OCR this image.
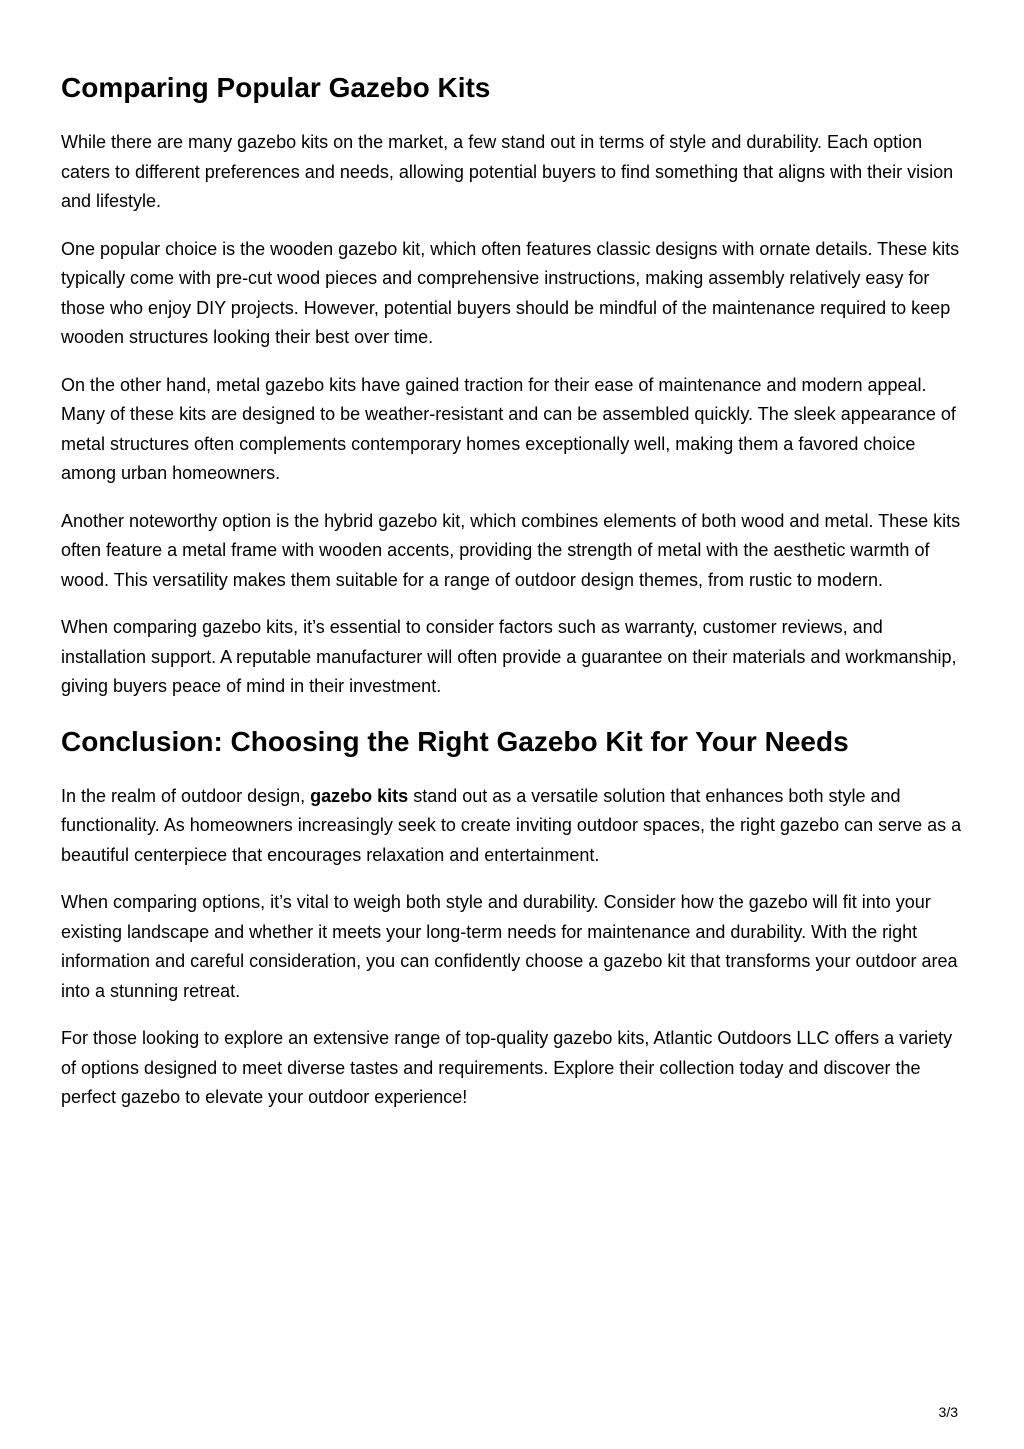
Comparing Popular Gazebo Kits

While there are many gazebo kits on the market, a few stand out in terms of style and durability. Each option caters to different preferences and needs, allowing potential buyers to find something that aligns with their vision and lifestyle.

One popular choice is the wooden gazebo kit, which often features classic designs with ornate details. These kits typically come with pre-cut wood pieces and comprehensive instructions, making assembly relatively easy for those who enjoy DIY projects. However, potential buyers should be mindful of the maintenance required to keep wooden structures looking their best over time.

On the other hand, metal gazebo kits have gained traction for their ease of maintenance and modern appeal. Many of these kits are designed to be weather-resistant and can be assembled quickly. The sleek appearance of metal structures often complements contemporary homes exceptionally well, making them a favored choice among urban homeowners.

Another noteworthy option is the hybrid gazebo kit, which combines elements of both wood and metal. These kits often feature a metal frame with wooden accents, providing the strength of metal with the aesthetic warmth of wood. This versatility makes them suitable for a range of outdoor design themes, from rustic to modern.

When comparing gazebo kits, it’s essential to consider factors such as warranty, customer reviews, and installation support. A reputable manufacturer will often provide a guarantee on their materials and workmanship, giving buyers peace of mind in their investment.

Conclusion: Choosing the Right Gazebo Kit for Your Needs

In the realm of outdoor design, gazebo kits stand out as a versatile solution that enhances both style and functionality. As homeowners increasingly seek to create inviting outdoor spaces, the right gazebo can serve as a beautiful centerpiece that encourages relaxation and entertainment.

When comparing options, it’s vital to weigh both style and durability. Consider how the gazebo will fit into your existing landscape and whether it meets your long-term needs for maintenance and durability. With the right information and careful consideration, you can confidently choose a gazebo kit that transforms your outdoor area into a stunning retreat.

For those looking to explore an extensive range of top-quality gazebo kits, Atlantic Outdoors LLC offers a variety of options designed to meet diverse tastes and requirements. Explore their collection today and discover the perfect gazebo to elevate your outdoor experience!

3/3
